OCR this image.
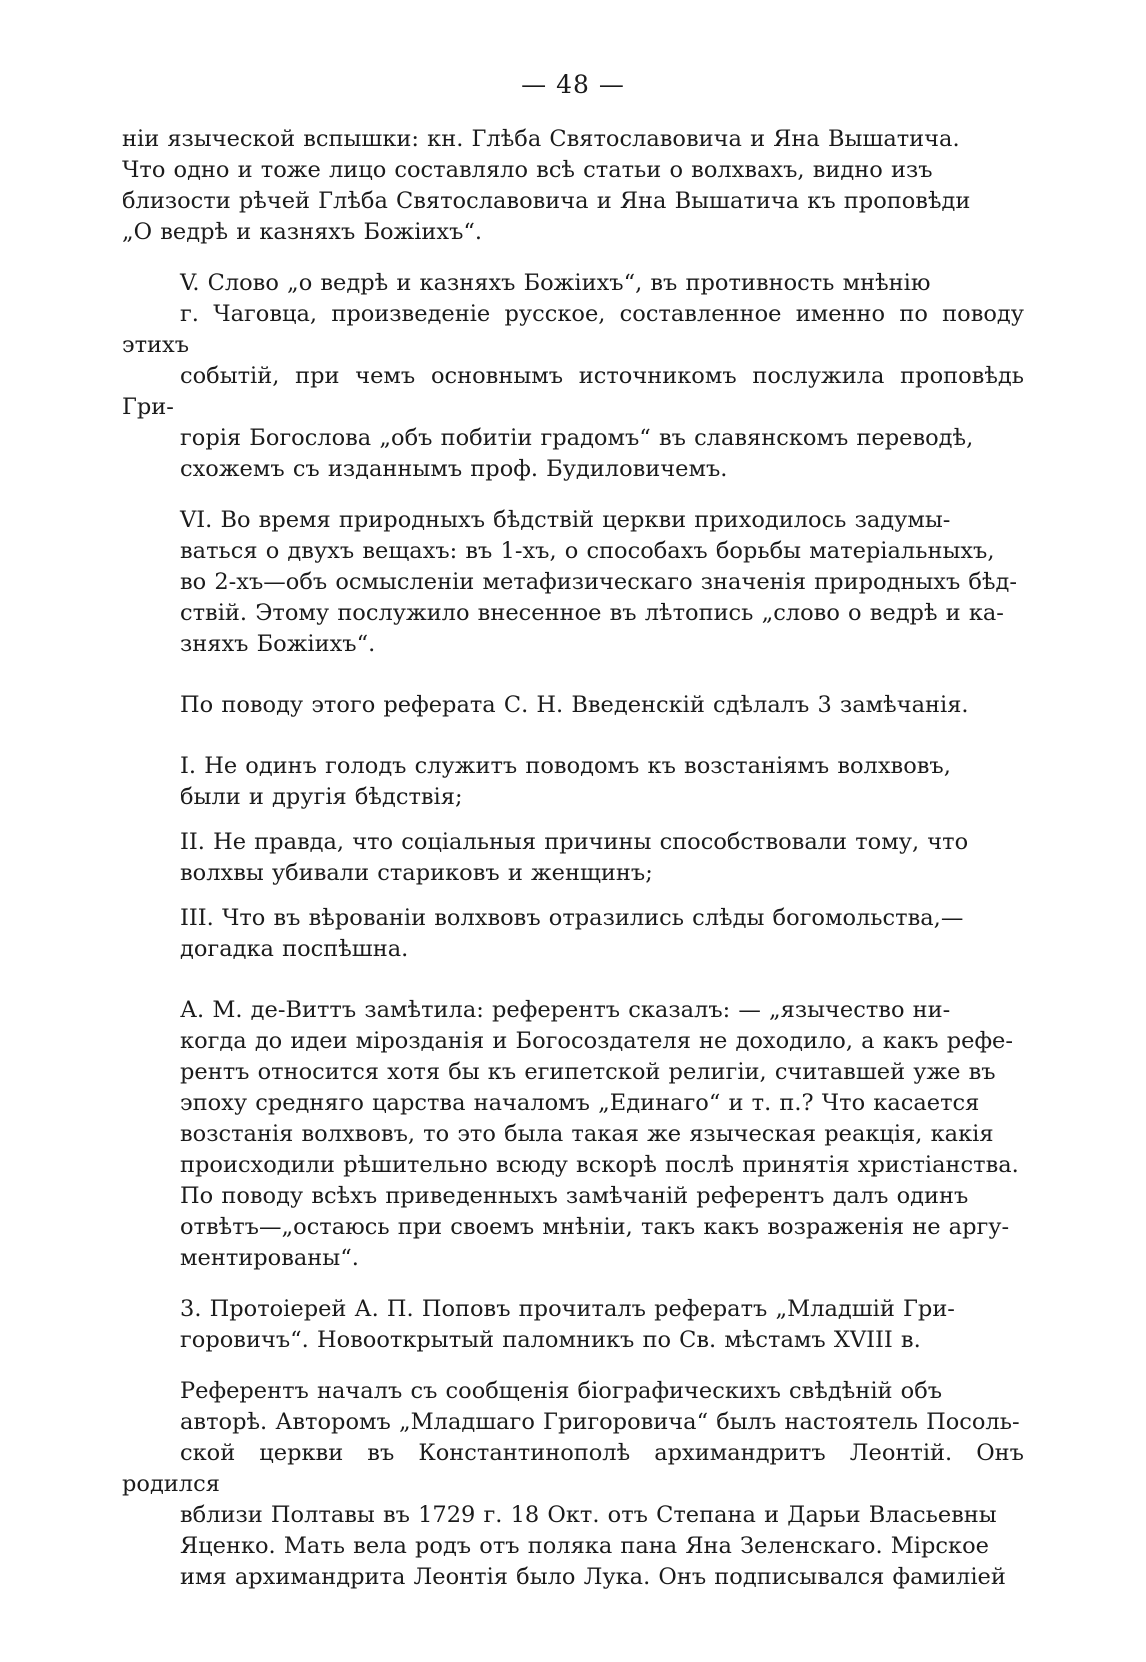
— 48 —

нiи языческой вспышки: кн. Глѣба Святославовича и Яна Вышатича.
Что одно и тоже лицо составляло всѣ статьи о волхвахъ, видно изъ
близости рѣчей Глѣба Святославовича и Яна Вышатича къ проповѣди
„О ведрѣ и казняхъ Божiихъ“.

V. Слово „о ведрѣ и казняхъ Божiихъ“, въ противность мнѣнiю
г. Чаговца, произведенiе русское, составленное именно по поводу этихъ
событiй, при чемъ основнымъ источникомъ послужила проповѣдь Гри-
горiя Богослова „объ побитiи градомъ“ въ славянскомъ переводѣ,
схожемъ съ изданнымъ проф. Будиловичемъ.

VI. Во время природныхъ бѣдствiй церкви приходилось задумы-
ваться о двухъ вещахъ: въ 1-хъ, о способахъ борьбы матерiальныхъ,
во 2-хъ—объ осмысленiи метафизическаго значенiя природныхъ бѣд-
ствiй. Этому послужило внесенное въ лѣтопись „слово о ведрѣ и ка-
зняхъ Божiихъ“.

По поводу этого реферата С. Н. Введенскiй сдѣлалъ 3 замѣчанiя.

I. Не одинъ голодъ служитъ поводомъ къ возстанiямъ волхвовъ,
были и другiя бѣдствiя;

II. Не правда, что соцiальныя причины способствовали тому, что
волхвы убивали стариковъ и женщинъ;

III. Что въ вѣрованiи волхвовъ отразились слѣды богомольства,—
догадка поспѣшна.

А. М. де-Виттъ замѣтила: референтъ сказалъ: — „язычество ни-
когда до идеи мiрозданiя и Богосоздателя не доходило, а какъ рефе-
рентъ относится хотя бы къ египетской религiи, считавшей уже въ
эпоху средняго царства началомъ „Единаго“ и т. п.? Что касается
возстанiя волхвовъ, то это была такая же языческая реакцiя, какiя
происходили рѣшительно всюду вскорѣ послѣ принятiя христiанства.

По поводу всѣхъ приведенныхъ замѣчанiй референтъ далъ одинъ
отвѣтъ—„остаюсь при своемъ мнѣнiи, такъ какъ возраженiя не аргу-
ментированы“.

3. Протоiерей А. П. Поповъ прочиталъ рефератъ „Младшiй Гри-
горовичъ“. Новооткрытый паломникъ по Св. мѣстамъ XVIII в.

Референтъ началъ съ сообщенiя бiографическихъ свѣдѣнiй объ
авторѣ. Авторомъ „Младшаго Григоровича“ былъ настоятель Посоль-
ской церкви въ Константинополѣ архимандритъ Леонтiй. Онъ родился
вблизи Полтавы въ 1729 г. 18 Окт. отъ Степана и Дарьи Власьевны
Яценко. Мать вела родъ отъ поляка пана Яна Зеленскаго. Мiрское
имя архимандрита Леонтiя было Лука. Онъ подписывался фамилiей
